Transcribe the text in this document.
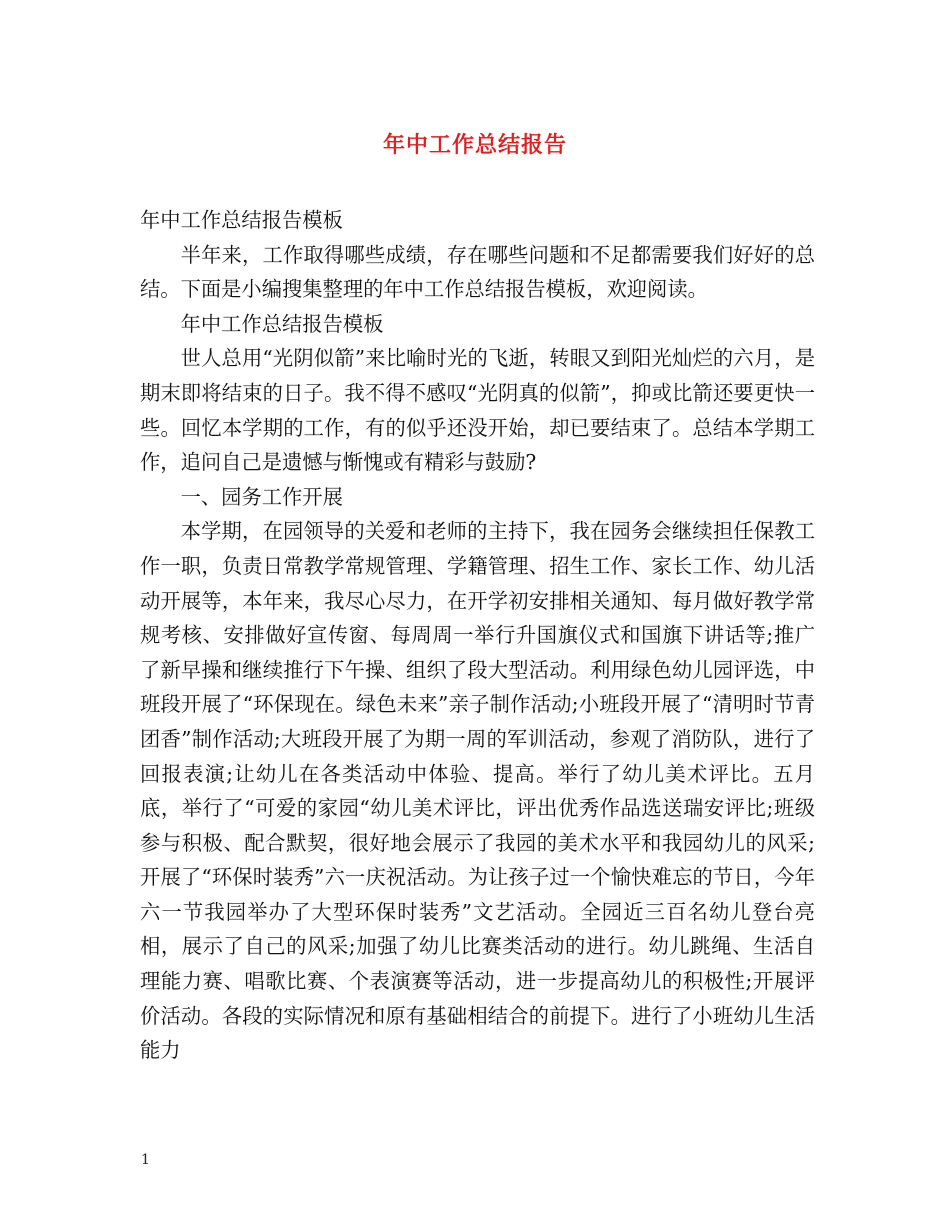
年中工作总结报告

年中工作总结报告模板

半年来，工作取得哪些成绩，存在哪些问题和不足都需要我们好好的总结。下面是小编搜集整理的年中工作总结报告模板，欢迎阅读。

年中工作总结报告模板

世人总用“光阴似箭”来比喻时光的飞逝，转眼又到阳光灿烂的六月，是期末即将结束的日子。我不得不感叹“光阴真的似箭”，抑或比箭还要更快一些。回忆本学期的工作，有的似乎还没开始，却已要结束了。总结本学期工作，追问自己是遗憾与惭愧或有精彩与鼓励?

一、园务工作开展

本学期，在园领导的关爱和老师的主持下，我在园务会继续担任保教工作一职，负责日常教学常规管理、学籍管理、招生工作、家长工作、幼儿活动开展等，本年来，我尽心尽力，在开学初安排相关通知、每月做好教学常规考核、安排做好宣传窗、每周周一举行升国旗仪式和国旗下讲话等;推广了新早操和继续推行下午操、组织了段大型活动。利用绿色幼儿园评选，中班段开展了“环保现在。绿色未来”亲子制作活动;小班段开展了“清明时节青团香”制作活动;大班段开展了为期一周的军训活动，参观了消防队，进行了回报表演;让幼儿在各类活动中体验、提高。举行了幼儿美术评比。五月底，举行了“可爱的家园“幼儿美术评比，评出优秀作品选送瑞安评比;班级参与积极、配合默契，很好地会展示了我园的美术水平和我园幼儿的风采;开展了“环保时装秀”六一庆祝活动。为让孩子过一个愉快难忘的节日，今年六一节我园举办了大型环保时装秀”文艺活动。全园近三百名幼儿登台亮相，展示了自己的风采;加强了幼儿比赛类活动的进行。幼儿跳绳、生活自理能力赛、唱歌比赛、个表演赛等活动，进一步提高幼儿的积极性;开展评价活动。各段的实际情况和原有基础相结合的前提下。进行了小班幼儿生活能力

1
